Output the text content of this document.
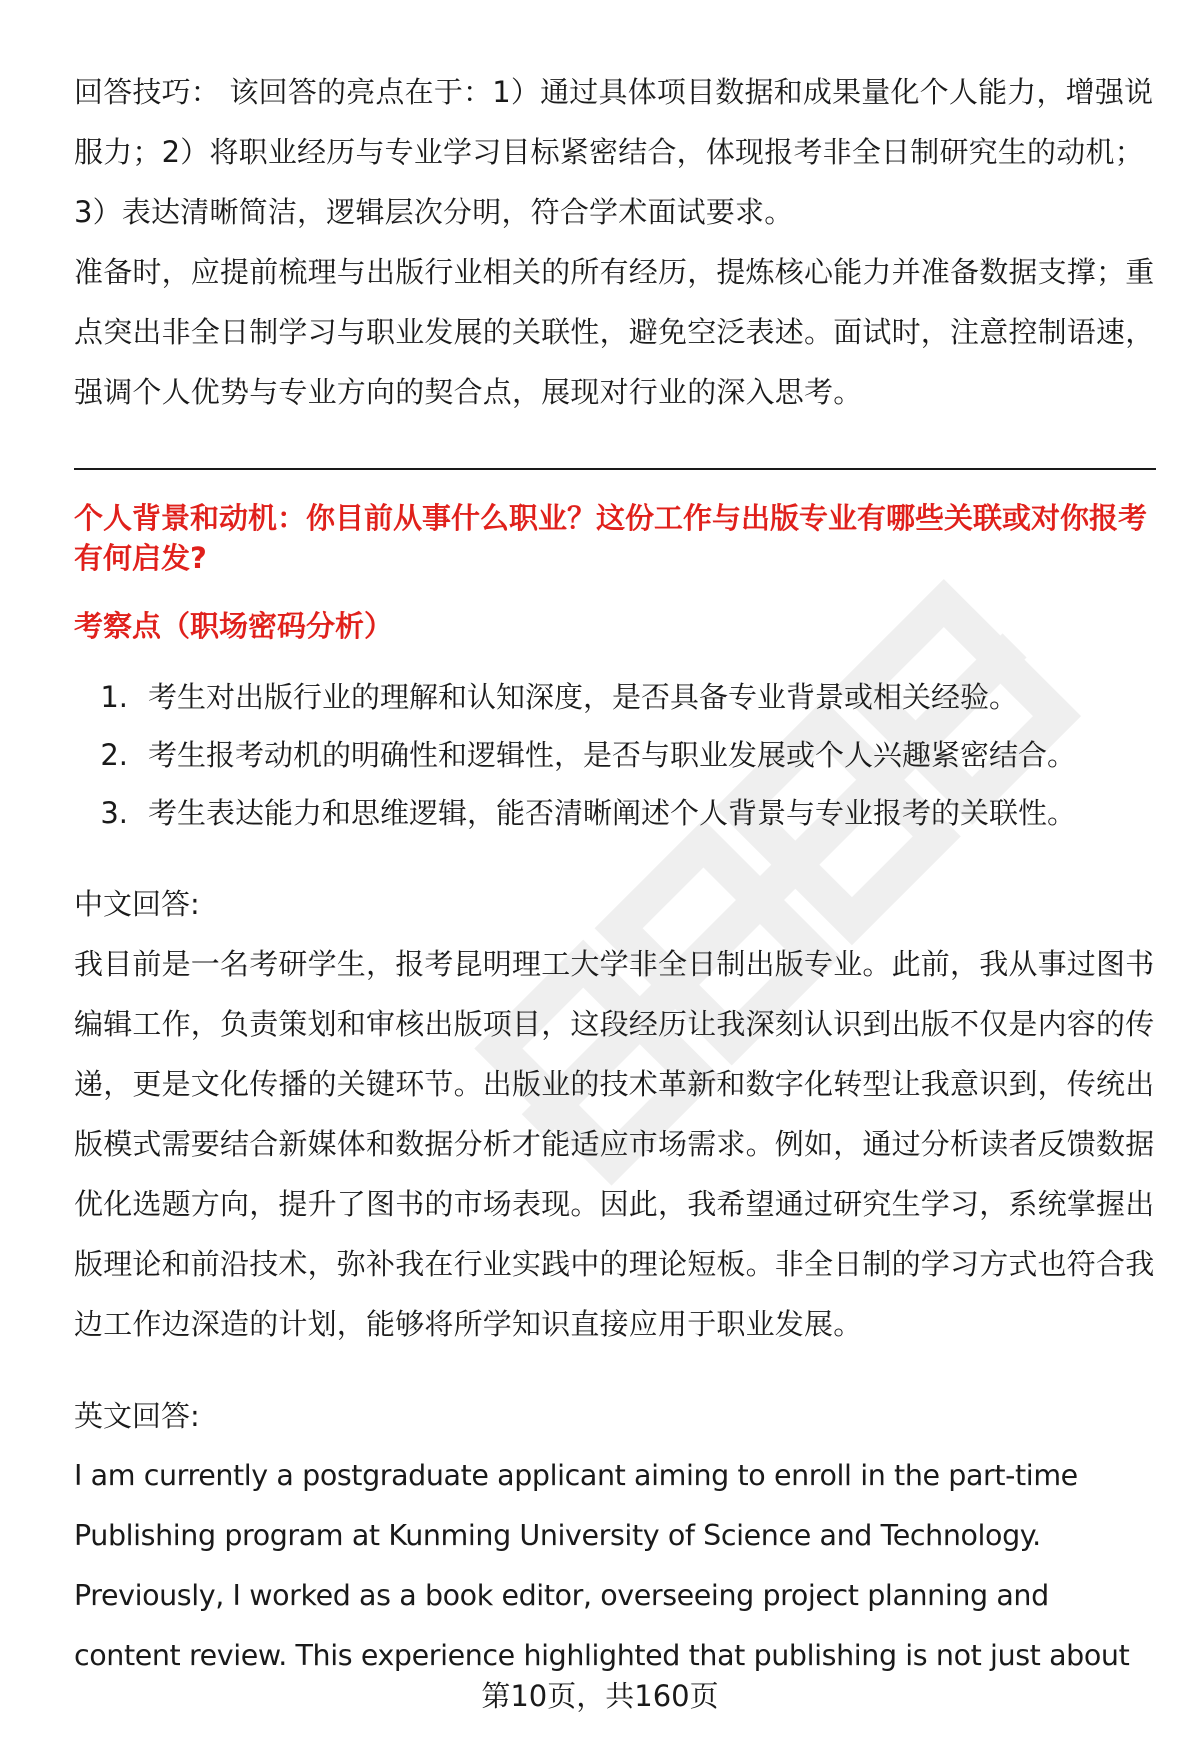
回答技巧： 该回答的亮点在于：1）通过具体项目数据和成果量化个人能力，增强说服力；2）将职业经历与专业学习目标紧密结合，体现报考非全日制研究生的动机；3）表达清晰简洁，逻辑层次分明，符合学术面试要求。

准备时，应提前梳理与出版行业相关的所有经历，提炼核心能力并准备数据支撑；重点突出非全日制学习与职业发展的关联性，避免空泛表述。面试时，注意控制语速，强调个人优势与专业方向的契合点，展现对行业的深入思考。

个人背景和动机：你目前从事什么职业？这份工作与出版专业有哪些关联或对你报考有何启发?

考察点（职场密码分析）

1. 考生对出版行业的理解和认知深度，是否具备专业背景或相关经验。
2. 考生报考动机的明确性和逻辑性，是否与职业发展或个人兴趣紧密结合。
3. 考生表达能力和思维逻辑，能否清晰阐述个人背景与专业报考的关联性。

中文回答:

我目前是一名考研学生，报考昆明理工大学非全日制出版专业。此前，我从事过图书编辑工作，负责策划和审核出版项目，这段经历让我深刻认识到出版不仅是内容的传递，更是文化传播的关键环节。出版业的技术革新和数字化转型让我意识到，传统出版模式需要结合新媒体和数据分析才能适应市场需求。例如，通过分析读者反馈数据优化选题方向，提升了图书的市场表现。因此，我希望通过研究生学习，系统掌握出版理论和前沿技术，弥补我在行业实践中的理论短板。非全日制的学习方式也符合我边工作边深造的计划，能够将所学知识直接应用于职业发展。

英文回答:

I am currently a postgraduate applicant aiming to enroll in the part-time

Publishing program at Kunming University of Science and Technology.

Previously, I worked as a book editor, overseeing project planning and

content review. This experience highlighted that publishing is not just about

第10页，共160页
